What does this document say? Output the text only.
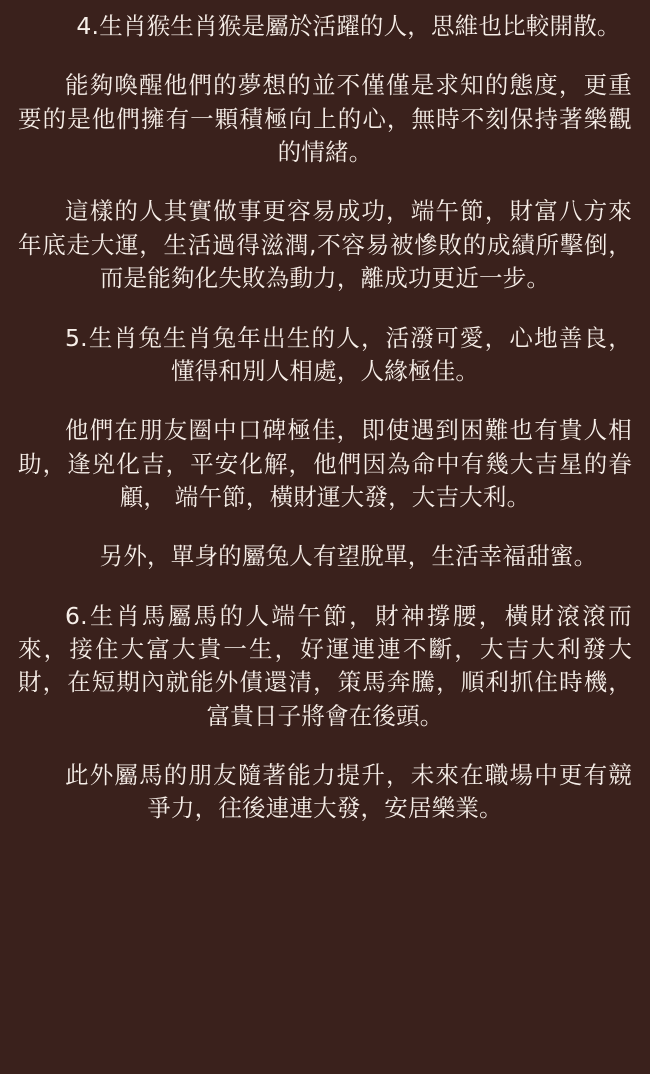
4.生肖猴生肖猴是屬於活躍的人，思維也比較開散。

能夠喚醒他們的夢想的並不僅僅是求知的態度，更重要的是他們擁有一顆積極向上的心，無時不刻保持著樂觀的情緒。

這樣的人其實做事更容易成功，端午節，財富八方來年底走大運，生活過得滋潤,不容易被慘敗的成績所擊倒，而是能夠化失敗為動力，離成功更近一步。

5.生肖兔生肖兔年出生的人，活潑可愛，心地善良，懂得和別人相處，人緣極佳。

他們在朋友圈中口碑極佳，即使遇到困難也有貴人相助，逢兇化吉，平安化解，他們因為命中有幾大吉星的眷顧， 端午節，橫財運大發，大吉大利。

另外，單身的屬兔人有望脫單，生活幸福甜蜜。

6.生肖馬屬馬的人端午節，財神撐腰，橫財滾滾而來，接住大富大貴一生，好運連連不斷，大吉大利發大財，在短期內就能外債還清，策馬奔騰，順利抓住時機，富貴日子將會在後頭。

此外屬馬的朋友隨著能力提升，未來在職場中更有競爭力，往後連連大發，安居樂業。
